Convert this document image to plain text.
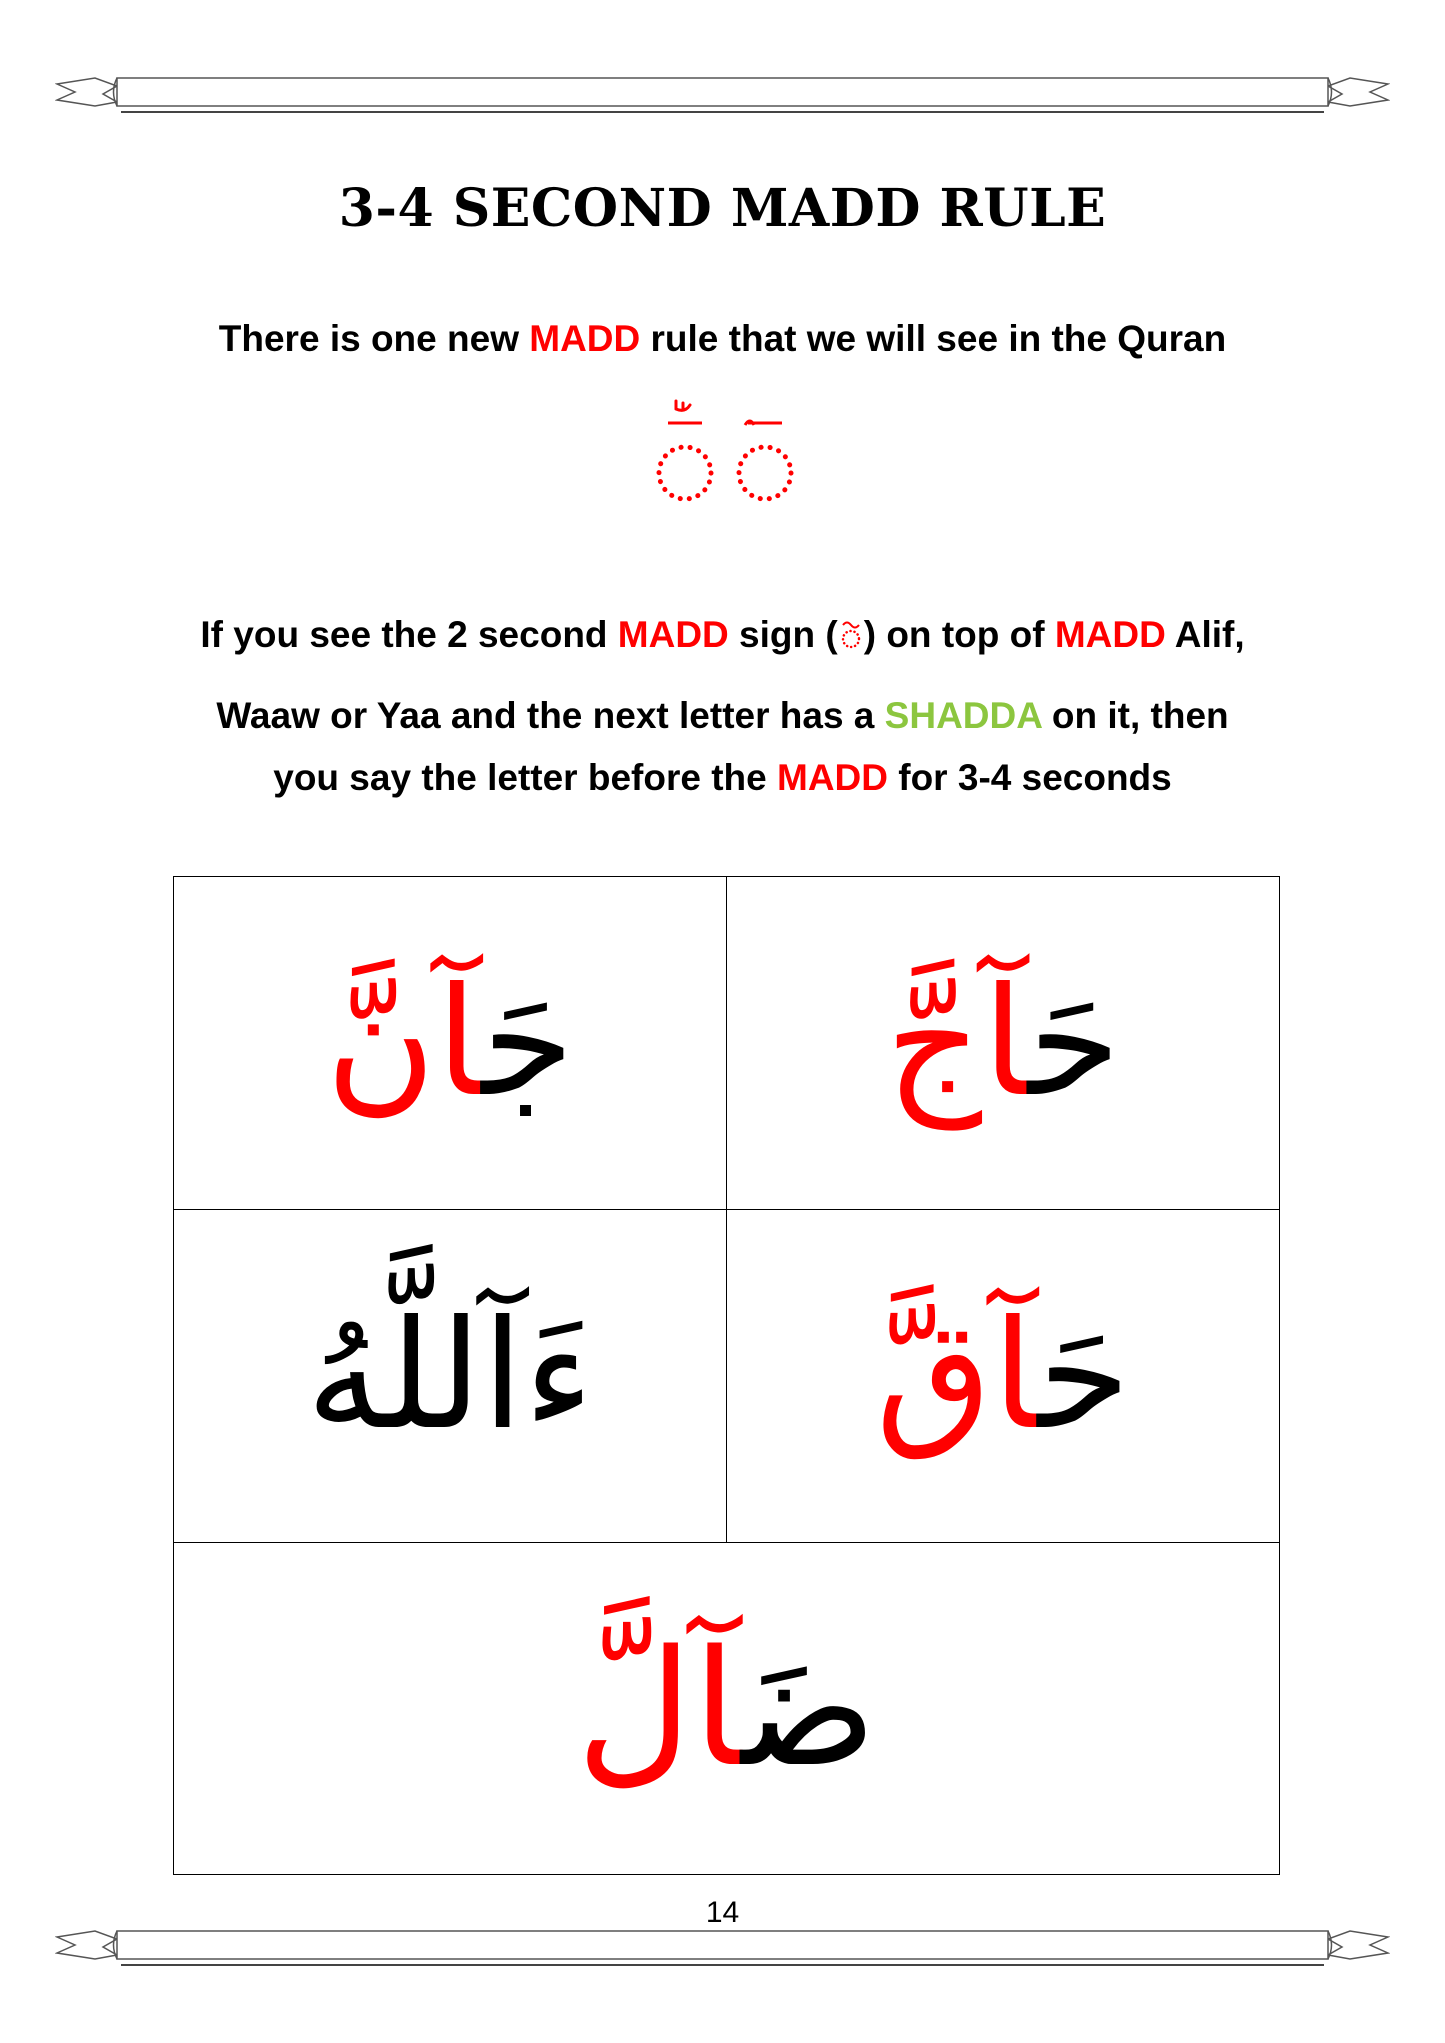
3-4 SECOND MADD RULE
There is one new MADD rule that we will see in the Quran
If you see the 2 second MADD sign ( ) on top of MADD Alif,
Waaw or Yaa and the next letter has a SHADDA on it, then
you say the letter before the MADD for 3-4 seconds
جَآنَّ	حَآجَّ
ءَآللَّهُ	حَآقَّ
ضَآلَّ
14
